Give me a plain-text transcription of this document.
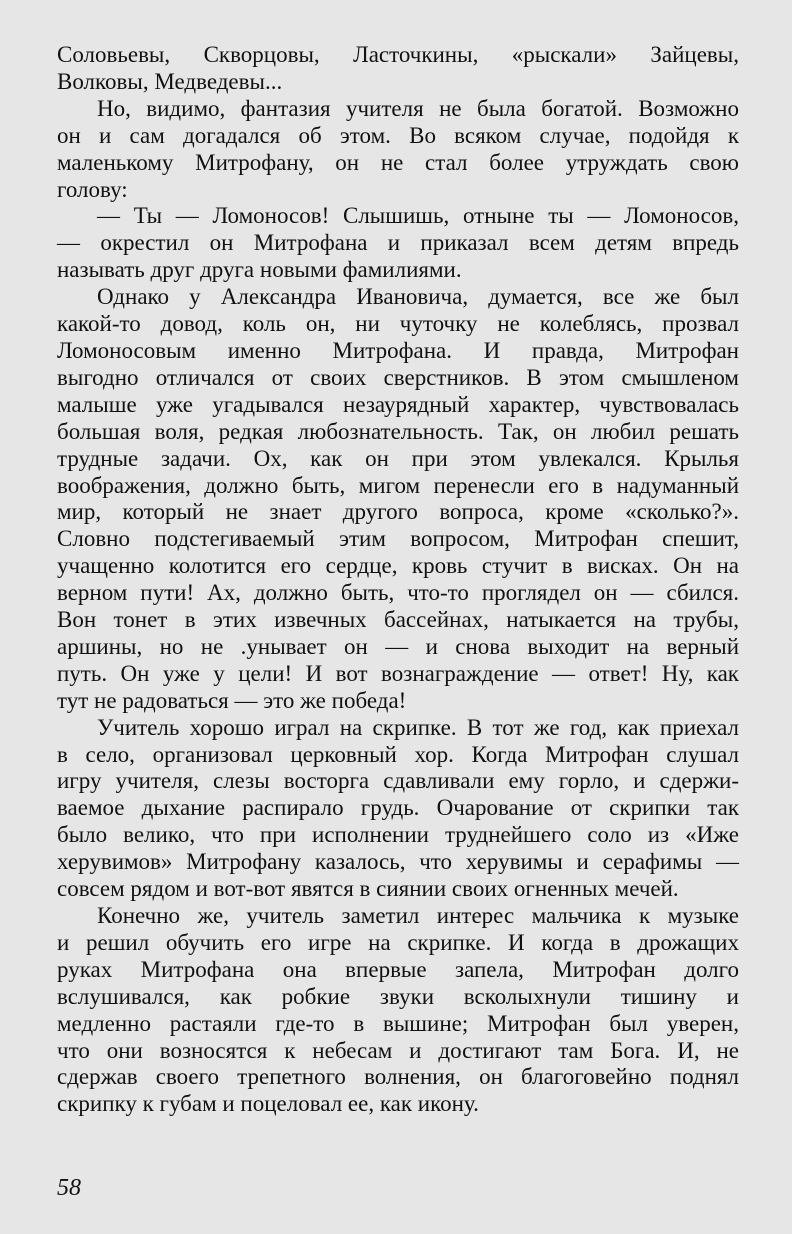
Соловьевы, Скворцовы, Ласточкины, «рыскали» Зайцевы,
Волковы, Медведевы...
Но, видимо, фантазия учителя не была богатой. Возможно
он и сам догадался об этом. Во всяком случае, подойдя к
маленькому Митрофану, он не стал более утруждать свою
голову:
— Ты — Ломоносов! Слышишь, отныне ты — Ломоносов,
— окрестил он Митрофана и приказал всем детям впредь
называть друг друга новыми фамилиями.
Однако у Александра Ивановича, думается, все же был
какой-то довод, коль он, ни чуточку не колеблясь, прозвал
Ломоносовым именно Митрофана. И правда, Митрофан
выгодно отличался от своих сверстников. В этом смышленом
малыше уже угадывался незаурядный характер, чувствовалась
большая воля, редкая любознательность. Так, он любил решать
трудные задачи. Ох, как он при этом увлекался. Крылья
воображения, должно быть, мигом перенесли его в надуманный
мир, который не знает другого вопроса, кроме «сколько?».
Словно подстегиваемый этим вопросом, Митрофан спешит,
учащенно колотится его сердце, кровь стучит в висках. Он на
верном пути! Ах, должно быть, что-то проглядел он — сбился.
Вон тонет в этих извечных бассейнах, натыкается на трубы,
аршины, но не .унывает он — и снова выходит на верный
путь. Он уже у цели! И вот вознаграждение — ответ! Ну, как
тут не радоваться — это же победа!
Учитель хорошо играл на скрипке. В тот же год, как приехал
в село, организовал церковный хор. Когда Митрофан слушал
игру учителя, слезы восторга сдавливали ему горло, и сдержи-
ваемое дыхание распирало грудь. Очарование от скрипки так
было велико, что при исполнении труднейшего соло из «Иже
херувимов» Митрофану казалось, что херувимы и серафимы —
совсем рядом и вот-вот явятся в сиянии своих огненных мечей.
Конечно же, учитель заметил интерес мальчика к музыке
и решил обучить его игре на скрипке. И когда в дрожащих
руках Митрофана она впервые запела, Митрофан долго
вслушивался, как робкие звуки всколыхнули тишину и
медленно растаяли где-то в вышине; Митрофан был уверен,
что они возносятся к небесам и достигают там Бога. И, не
сдержав своего трепетного волнения, он благоговейно поднял
скрипку к губам и поцеловал ее, как икону.
58
